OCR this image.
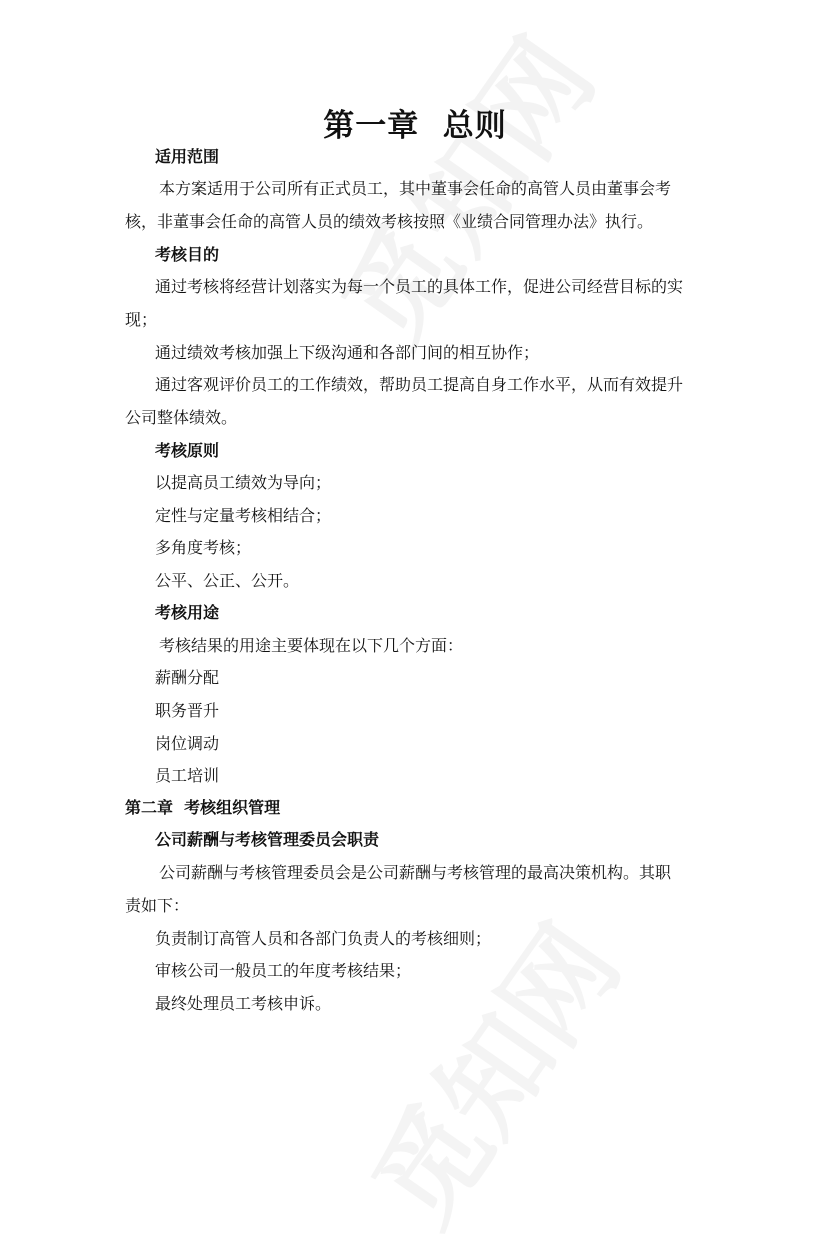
第一章  总则
适用范围
本方案适用于公司所有正式员工，其中董事会任命的高管人员由董事会考
核，非董事会任命的高管人员的绩效考核按照《业绩合同管理办法》执行。
考核目的
通过考核将经营计划落实为每一个员工的具体工作，促进公司经营目标的实
现；
通过绩效考核加强上下级沟通和各部门间的相互协作；
通过客观评价员工的工作绩效，帮助员工提高自身工作水平，从而有效提升
公司整体绩效。
考核原则
以提高员工绩效为导向；
定性与定量考核相结合；
多角度考核；
公平、公正、公开。
考核用途
考核结果的用途主要体现在以下几个方面：
薪酬分配
职务晋升
岗位调动
员工培训
第二章  考核组织管理
公司薪酬与考核管理委员会职责
公司薪酬与考核管理委员会是公司薪酬与考核管理的最高决策机构。其职
责如下：
负责制订高管人员和各部门负责人的考核细则；
审核公司一般员工的年度考核结果；
最终处理员工考核申诉。
